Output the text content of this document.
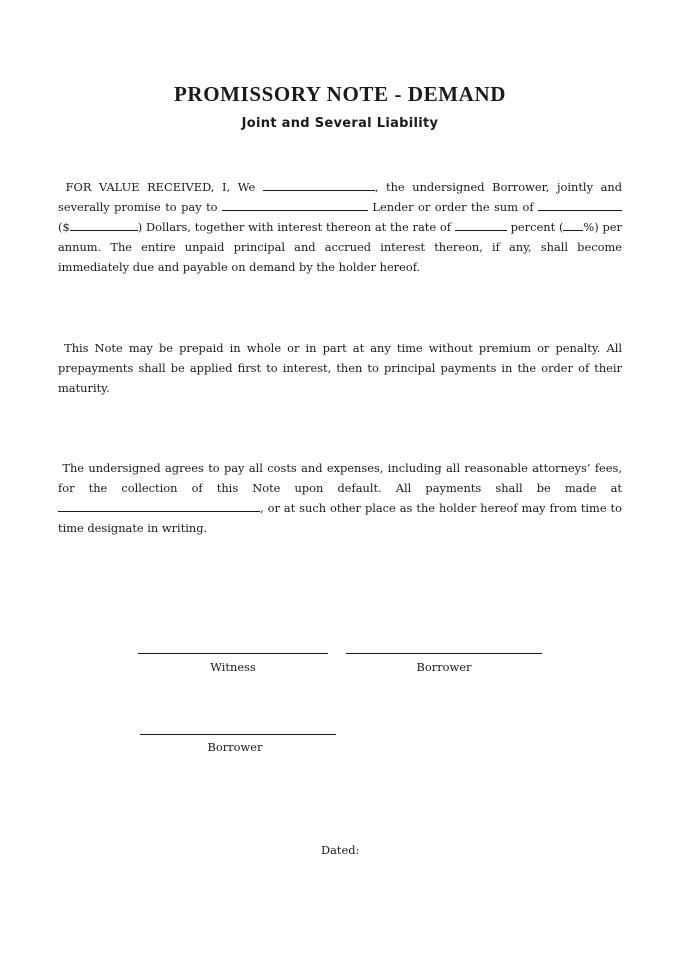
PROMISSORY NOTE - DEMAND
Joint and Several Liability

FOR VALUE RECEIVED, I, We	, the undersigned Borrower, jointly and severally promise to pay to	Lender or order the sum of  ($	) Dollars, together with interest thereon at the rate of	percent ( %) per annum. The entire unpaid principal and accrued interest thereon, if any, shall become immediately due and payable on demand by the holder hereof.

This Note may be prepaid in whole or in part at any time without premium or penalty. All prepayments shall be applied first to interest, then to principal payments in the order of their maturity.

The undersigned agrees to pay all costs and expenses, including all reasonable attorneys’ fees, for the collection of this Note upon default. All payments shall be made at , or at such other place as the holder hereof may from time to time designate in writing.

Witness	Borrower
Borrower
Dated:
